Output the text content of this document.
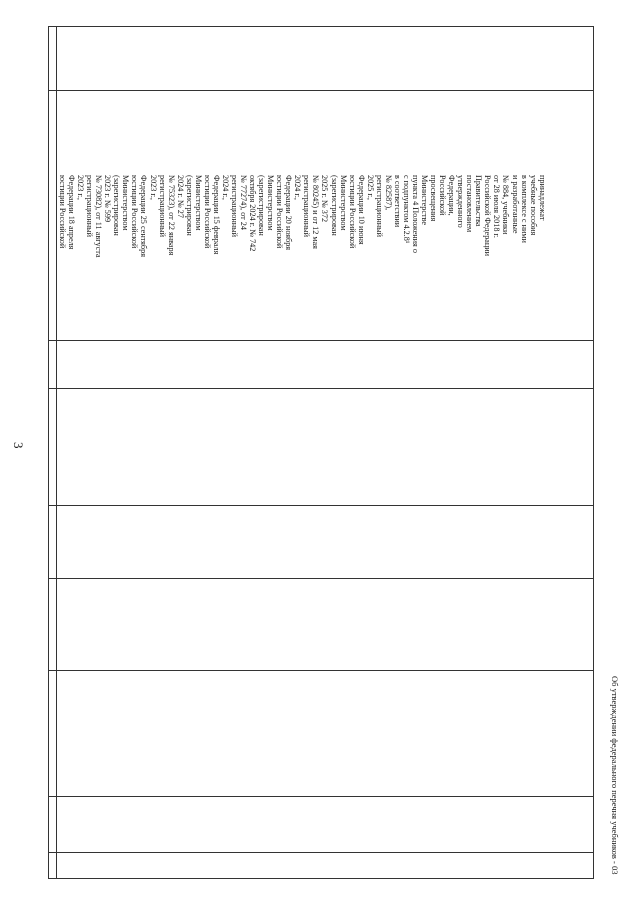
3
юстиции Российской Федерации 18 апреля 2023 г., регистрационный № 73082), от 11 августа 2023 г. № 599 (зарегистрирован Министерством юстиции Российской Федерации 25 сентября 2023 г., регистрационный № 75323), от 22 января 2024 г. № 27 (зарегистрирован Министерством юстиции Российской Федерации 15 февраля 2024 г., регистрационный № 77274), от 24 октября 2024 г. № 742 (зарегистрирован Министерством юстиции Российской Федерации 20 ноября 2024 г., регистрационный № 80245) и от 12 мая 2025 г. № 372 (зарегистрирован Министерством юстиции Российской Федерации 10 июня 2025 г., регистрационный № 82587), в соответствии с подпунктом 4.2.8¹ пункта 4 Положения о Министерстве просвещения Российской Федерации, утвержденного постановлением Правительства Российской Федерации от 28 июля 2018 г. № 884, учебники и разработанные в комплексе с ними учебные пособия принадлежат
Об утверждении федерального перечня учебников - 03
